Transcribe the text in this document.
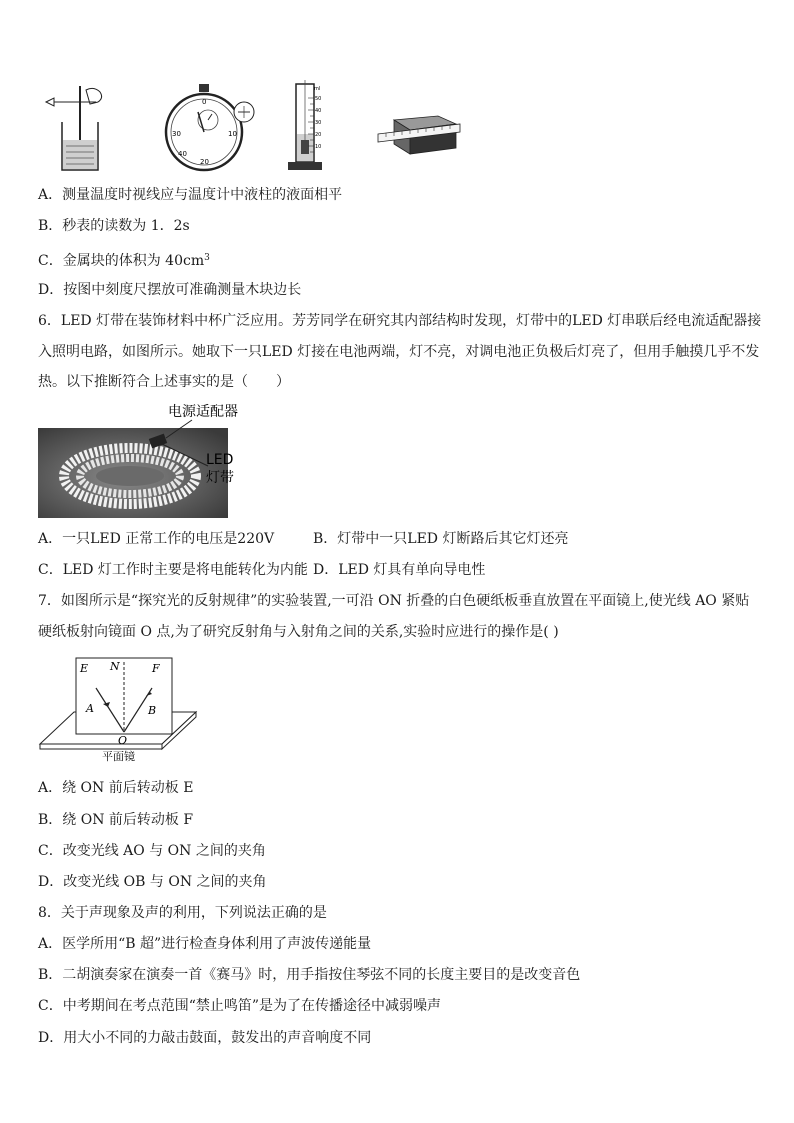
0
30	10
20
40
ml
50
40
30
20
10
A．测量温度时视线应与温度计中液柱的液面相平
B．秒表的读数为 1．2s
C．金属块的体积为 $40cm^3$
D．按图中刻度尺摆放可准确测量木块边长
6．LED 灯带在装饰材料中杯广泛应用。芳芳同学在研究其内部结构时发现，灯带中的LED 灯串联后经电流适配器接
入照明电路，如图所示。她取下一只LED 灯接在电池两端，灯不亮，对调电池正负极后灯亮了，但用手触摸几乎不发
热。以下推断符合上述事实的是（　　）
电源适配器
LED
灯带
A．一只LED 正常工作的电压是220V	B．灯带中一只LED 灯断路后其它灯还亮
C．LED 灯工作时主要是将电能转化为内能 D．LED 灯具有单向导电性
7．如图所示是“探究光的反射规律”的实验装置,一可沿 ON 折叠的白色硬纸板垂直放置在平面镜上,使光线 AO 紧贴
硬纸板射向镜面 O 点,为了研究反射角与入射角之间的关系,实验时应进行的操作是( )
E N	F
A	B
O
平面镜
A．绕 ON 前后转动板 E
B．绕 ON 前后转动板 F
C．改变光线 AO 与 ON 之间的夹角
D．改变光线 OB 与 ON 之间的夹角
8．关于声现象及声的利用，下列说法正确的是
A．医学所用“B 超”进行检查身体利用了声波传递能量
B．二胡演奏家在演奏一首《赛马》时，用手指按住琴弦不同的长度主要目的是改变音色
C．中考期间在考点范围“禁止鸣笛”是为了在传播途径中减弱噪声
D．用大小不同的力敲击鼓面，鼓发出的声音响度不同
